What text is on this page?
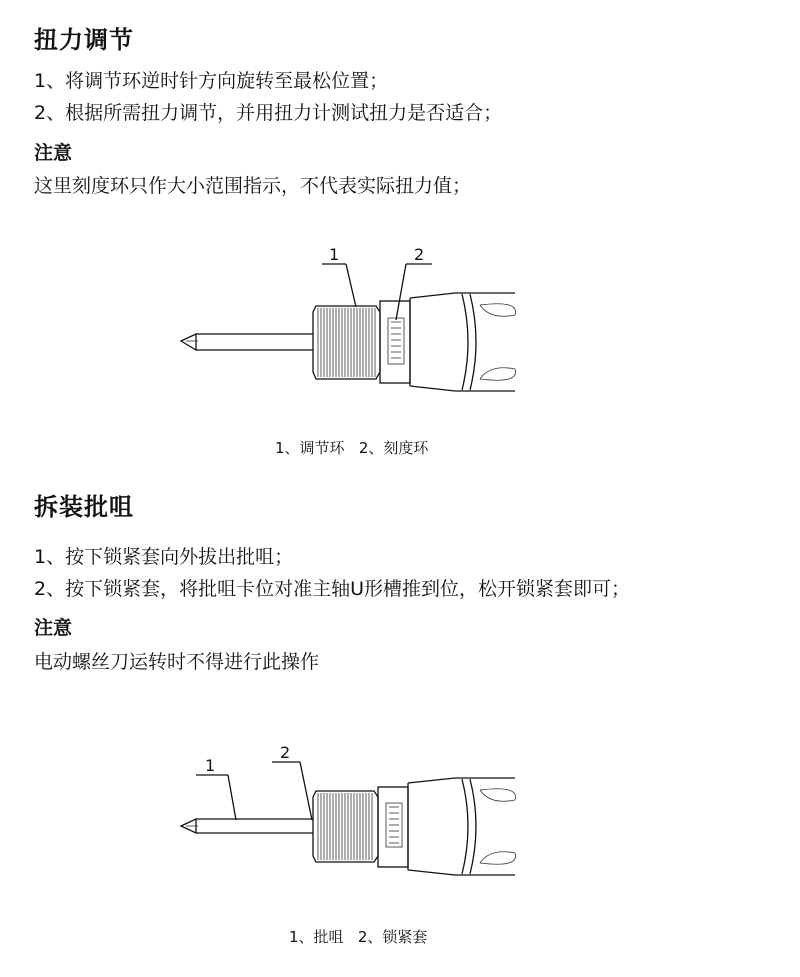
扭力调节
1、将调节环逆时针方向旋转至最松位置；
2、根据所需扭力调节，并用扭力计测试扭力是否适合；
注意
这里刻度环只作大小范围指示，不代表实际扭力值；
1	2
1
2
1、调节环   2、刻度环
拆装批咀
1、按下锁紧套向外拔出批咀；
2、按下锁紧套，将批咀卡位对准主轴U形槽推到位，松开锁紧套即可；
注意
电动螺丝刀运转时不得进行此操作
1、批咀   2、锁紧套
